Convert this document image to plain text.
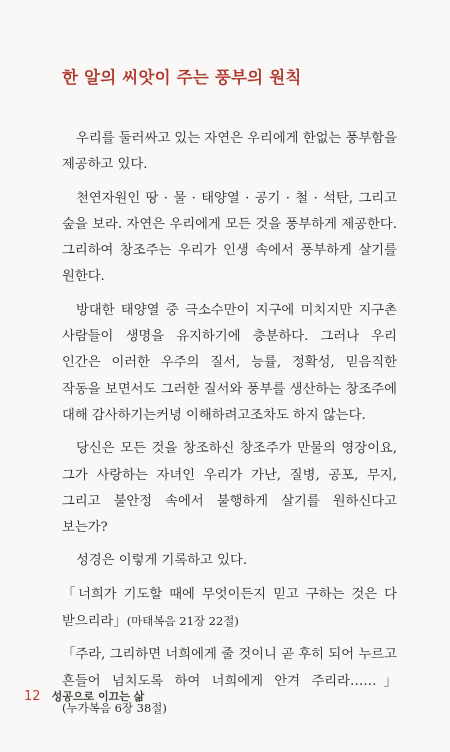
한 알의 씨앗이 주는 풍부의 원칙

우리를 둘러싸고 있는 자연은 우리에게 한없는 풍부함을 제공하고 있다.

천연자원인 땅 · 물 · 태양열 · 공기 · 철 · 석탄, 그리고 숲을 보라. 자연은 우리에게 모든 것을 풍부하게 제공한다. 그리하여 창조주는 우리가 인생 속에서 풍부하게 살기를 원한다.

방대한 태양열 중 극소수만이 지구에 미치지만 지구촌 사람들이 생명을 유지하기에 충분하다. 그러나 우리 인간은 이러한 우주의 질서, 능률, 정확성, 믿음직한 작동을 보면서도 그러한 질서와 풍부를 생산하는 창조주에 대해 감사하기는커녕 이해하려고조차도 하지 않는다.

당신은 모든 것을 창조하신 창조주가 만물의 영장이요, 그가 사랑하는 자녀인 우리가 가난, 질병, 공포, 무지, 그리고 불안정 속에서 불행하게 살기를 원하신다고 보는가?

성경은 이렇게 기록하고 있다.

「너희가 기도할 때에 무엇이든지 믿고 구하는 것은 다 받으리라」(마태복음 21장 22절)

「주라, 그리하면 너희에게 줄 것이니 곧 후히 되어 누르고 흔들어 넘치도록 하여 너희에게 안겨 주리라……」(누가복음 6장 38절)

12 성공으로 이끄는 삶
